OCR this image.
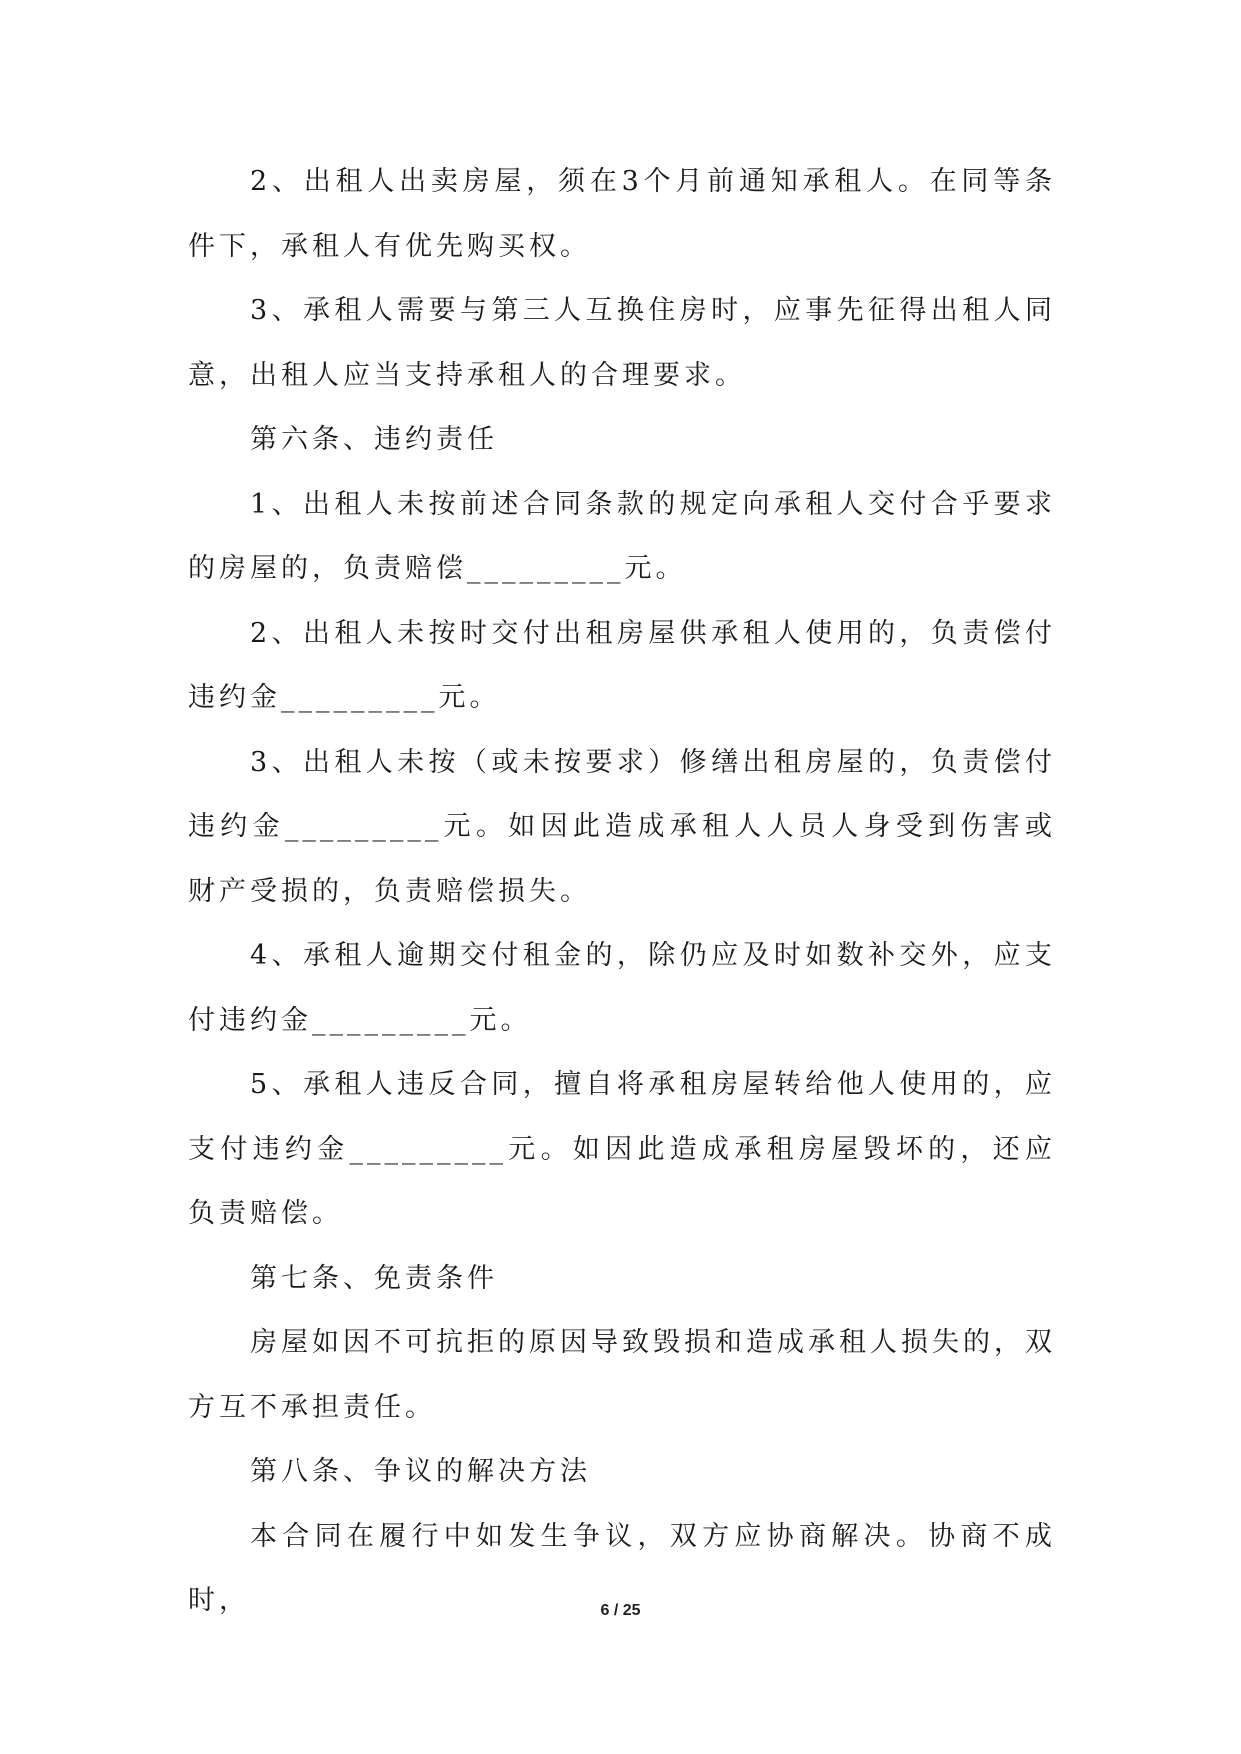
2、出租人出卖房屋，须在3个月前通知承租人。在同等条件下，承租人有优先购买权。

3、承租人需要与第三人互换住房时，应事先征得出租人同意，出租人应当支持承租人的合理要求。

第六条、违约责任

1、出租人未按前述合同条款的规定向承租人交付合乎要求的房屋的，负责赔偿_________元。

2、出租人未按时交付出租房屋供承租人使用的，负责偿付违约金_________元。

3、出租人未按（或未按要求）修缮出租房屋的，负责偿付违约金_________元。如因此造成承租人人员人身受到伤害或财产受损的，负责赔偿损失。

4、承租人逾期交付租金的，除仍应及时如数补交外，应支付违约金_________元。

5、承租人违反合同，擅自将承租房屋转给他人使用的，应支付违约金_________元。如因此造成承租房屋毁坏的，还应负责赔偿。

第七条、免责条件

房屋如因不可抗拒的原因导致毁损和造成承租人损失的，双方互不承担责任。

第八条、争议的解决方法

本合同在履行中如发生争议，双方应协商解决。协商不成时，	6 / 25
